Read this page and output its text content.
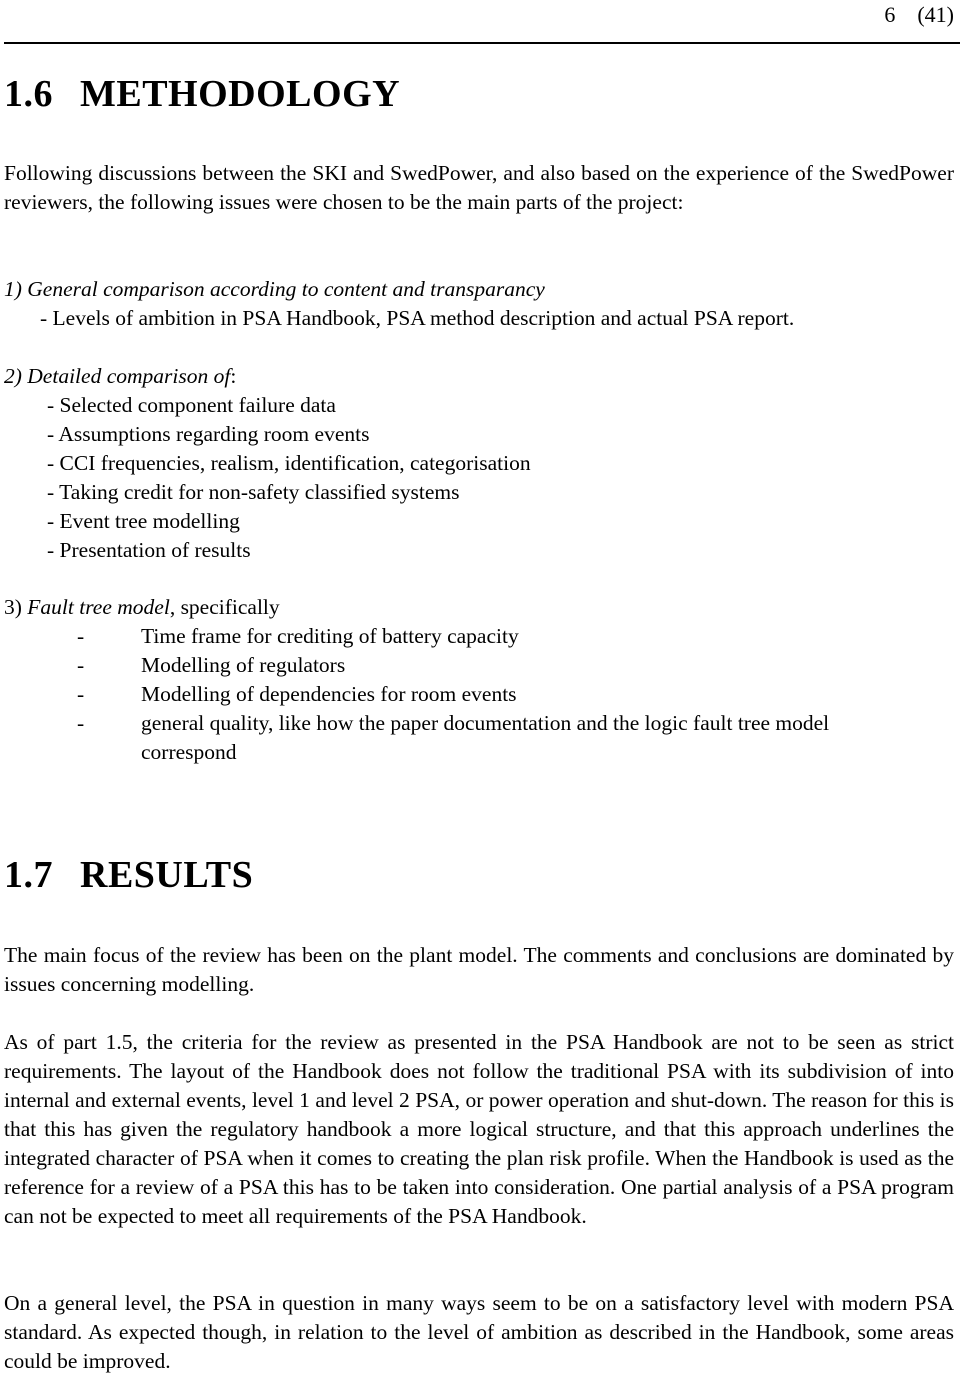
6 (41)
1.6 METHODOLOGY

Following discussions between the SKI and SwedPower, and also based on the experience of the SwedPower reviewers, the following issues were chosen to be the main parts of the project:

1) General comparison according to content and transparancy
- Levels of ambition in PSA Handbook, PSA method description and actual PSA report.
2) Detailed comparison of:
- Selected component failure data
- Assumptions regarding room events
- CCI frequencies, realism, identification, categorisation
- Taking credit for non-safety classified systems
- Event tree modelling
- Presentation of results
3) Fault tree model, specifically
-	Time frame for crediting of battery capacity
-	Modelling of regulators
-	Modelling of dependencies for room events
-	general quality, like how the paper documentation and the logic fault tree model
correspond
1.7 RESULTS

The main focus of the review has been on the plant model. The comments and conclusions are dominated by issues concerning modelling.

As of part 1.5, the criteria for the review as presented in the PSA Handbook are not to be seen as strict requirements. The layout of the Handbook does not follow the traditional PSA with its subdivision of into internal and external events, level 1 and level 2 PSA, or power operation and shut-down. The reason for this is that this has given the regulatory handbook a more logical structure, and that this approach underlines the integrated character of PSA when it comes to creating the plan risk profile. When the Handbook is used as the reference for a review of a PSA this has to be taken into consideration. One partial analysis of a PSA program can not be expected to meet all requirements of the PSA Handbook.

On a general level, the PSA in question in many ways seem to be on a satisfactory level with modern PSA standard. As expected though, in relation to the level of ambition as described in the Handbook, some areas could be improved.
